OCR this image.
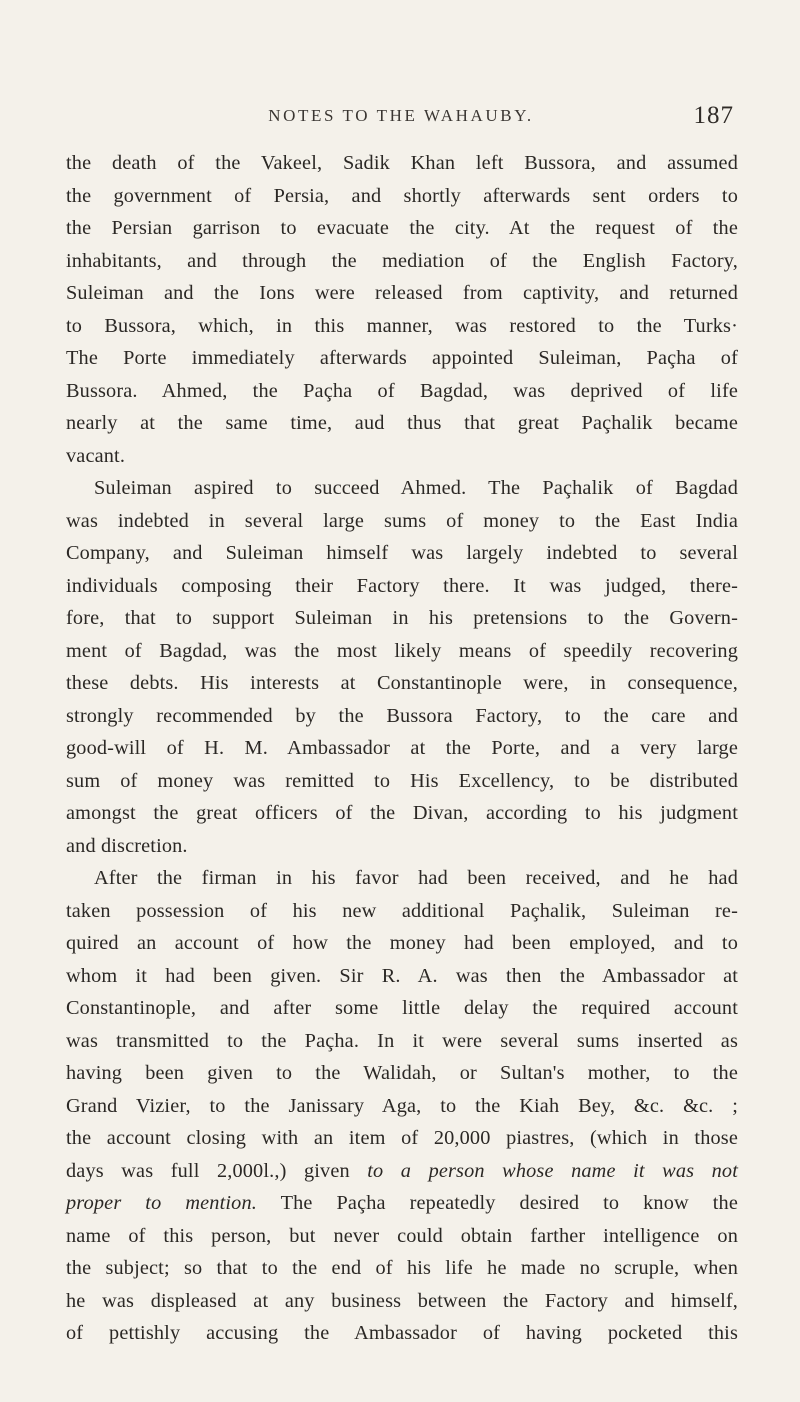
NOTES TO THE WAHAUBY.	187
the death of the Vakeel, Sadik Khan left Bussora, and assumed
the government of Persia, and shortly afterwards sent orders to
the Persian garrison to evacuate the city. At the request of the
inhabitants, and through the mediation of the English Factory,
Suleiman and the Ions were released from captivity, and returned
to Bussora, which, in this manner, was restored to the Turks·
The Porte immediately afterwards appointed Suleiman, Paçha of
Bussora. Ahmed, the Paçha of Bagdad, was deprived of life
nearly at the same time, aud thus that great Paçhalik became
vacant.
Suleiman aspired to succeed Ahmed. The Paçhalik of Bagdad
was indebted in several large sums of money to the East India
Company, and Suleiman himself was largely indebted to several
individuals composing their Factory there. It was judged, there-
fore, that to support Suleiman in his pretensions to the Govern-
ment of Bagdad, was the most likely means of speedily recovering
these debts. His interests at Constantinople were, in consequence,
strongly recommended by the Bussora Factory, to the care and
good-will of H. M. Ambassador at the Porte, and a very large
sum of money was remitted to His Excellency, to be distributed
amongst the great officers of the Divan, according to his judgment
and discretion.
After the firman in his favor had been received, and he had
taken possession of his new additional Paçhalik, Suleiman re-
quired an account of how the money had been employed, and to
whom it had been given. Sir R. A. was then the Ambassador at
Constantinople, and after some little delay the required account
was transmitted to the Paçha. In it were several sums inserted as
having been given to the Walidah, or Sultan's mother, to the
Grand Vizier, to the Janissary Aga, to the Kiah Bey, &c. &c. ;
the account closing with an item of 20,000 piastres, (which in those
days was full 2,000l.,) given to a person whose name it was not
proper to mention. The Paçha repeatedly desired to know the
name of this person, but never could obtain farther intelligence on
the subject; so that to the end of his life he made no scruple, when
he was displeased at any business between the Factory and himself,
of pettishly accusing the Ambassador of having pocketed this
